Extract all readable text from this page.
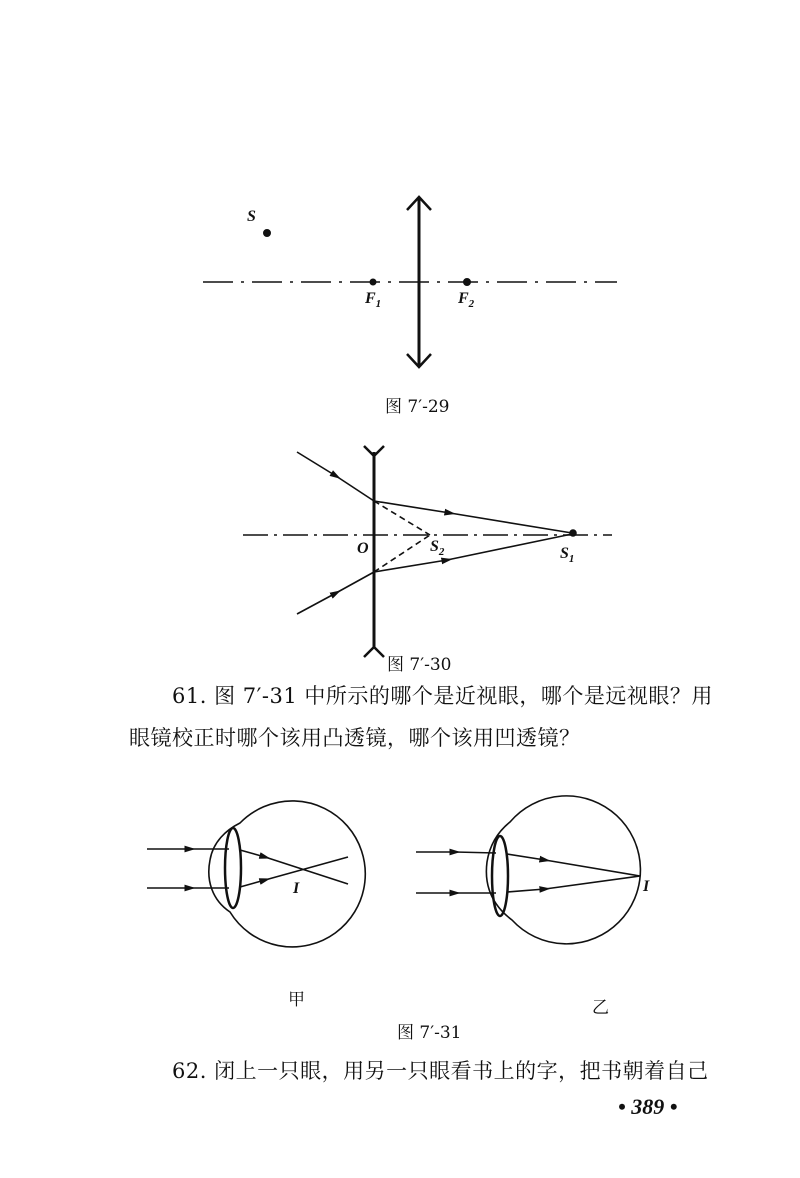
S
$F_1$	$F_2$
图 7′-29
O	$S_2$	$S_1$
图 7′-30
61. 图 7′-31 中所示的哪个是近视眼，哪个是远视眼？用
眼镜校正时哪个该用凸透镜，哪个该用凹透镜？
I	I
甲	乙
图 7′-31
62. 闭上一只眼，用另一只眼看书上的字，把书朝着自己
• 389 •
